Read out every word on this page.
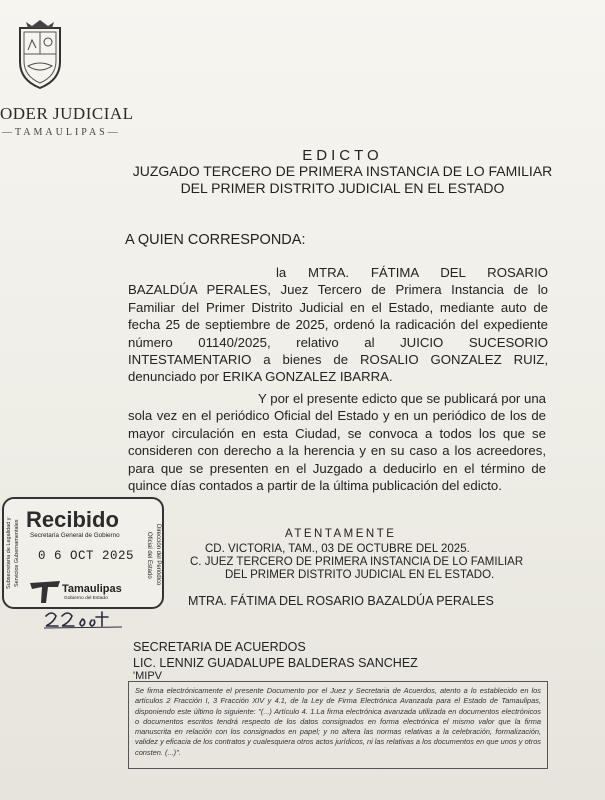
ODER JUDICIAL
—TAMAULIPAS—
EDICTO
JUZGADO TERCERO DE PRIMERA INSTANCIA DE LO FAMILIAR
DEL PRIMER DISTRITO JUDICIAL EN EL ESTADO
A QUIEN CORRESPONDA:
la MTRA. FÁTIMA DEL ROSARIO BAZALDÚA PERALES, Juez Tercero de Primera Instancia de lo Familiar del Primer Distrito Judicial en el Estado, mediante auto de fecha 25 de septiembre de 2025, ordenó la radicación del expediente número 01140/2025, relativo al JUICIO SUCESORIO INTESTAMENTARIO a bienes de ROSALIO GONZALEZ RUIZ, denunciado por ERIKA GONZALEZ IBARRA.
Y por el presente edicto que se publicará por una sola vez en el periódico Oficial del Estado y en un periódico de los de mayor circulación en esta Ciudad, se convoca a todos los que se consideren con derecho a la herencia y en su caso a los acreedores, para que se presenten en el Juzgado a deducirlo en el término de quince días contados a partir de la última publicación del edicto.
ATENTAMENTE
CD. VICTORIA, TAM., 03 DE OCTUBRE DEL 2025.
C. JUEZ TERCERO DE PRIMERA INSTANCIA DE LO FAMILIAR
DEL PRIMER DISTRITO JUDICIAL EN EL ESTADO.
MTRA. FÁTIMA DEL ROSARIO BAZALDÚA PERALES
SECRETARIA DE ACUERDOS
LIC. LENNIZ GUADALUPE BALDERAS SANCHEZ
'MIPV
Se firma electrónicamente el presente Documento por el Juez y Secretaria de Acuerdos, atento a lo establecido en los artículos 2 Fracción I, 3 Fracción XIV y 4.1, de la Ley de Firma Electrónica Avanzada para el Estado de Tamaulipas, disponiendo este último lo siguiente: "(...) Artículo 4. 1.La firma electrónica avanzada utilizada en documentos electrónicos o documentos escritos tendrá respecto de los datos consignados en forma electrónica el mismo valor que la firma manuscrita en relación con los consignados en papel; y no altera las normas relativas a la celebración, formalización, validez y eficacia de los contratos y cualesquiera otros actos jurídicos, ni las relativas a los documentos en que unos y otros consten. (...)".
Subsecretaría de Legalidad y Servicios Gubernamentales Recibido
Secretaría General de Gobierno
0 6 OCT 2025
Tamaulipas
Gobierno del Estado
Dirección del Periódico
Oficial del Estado
